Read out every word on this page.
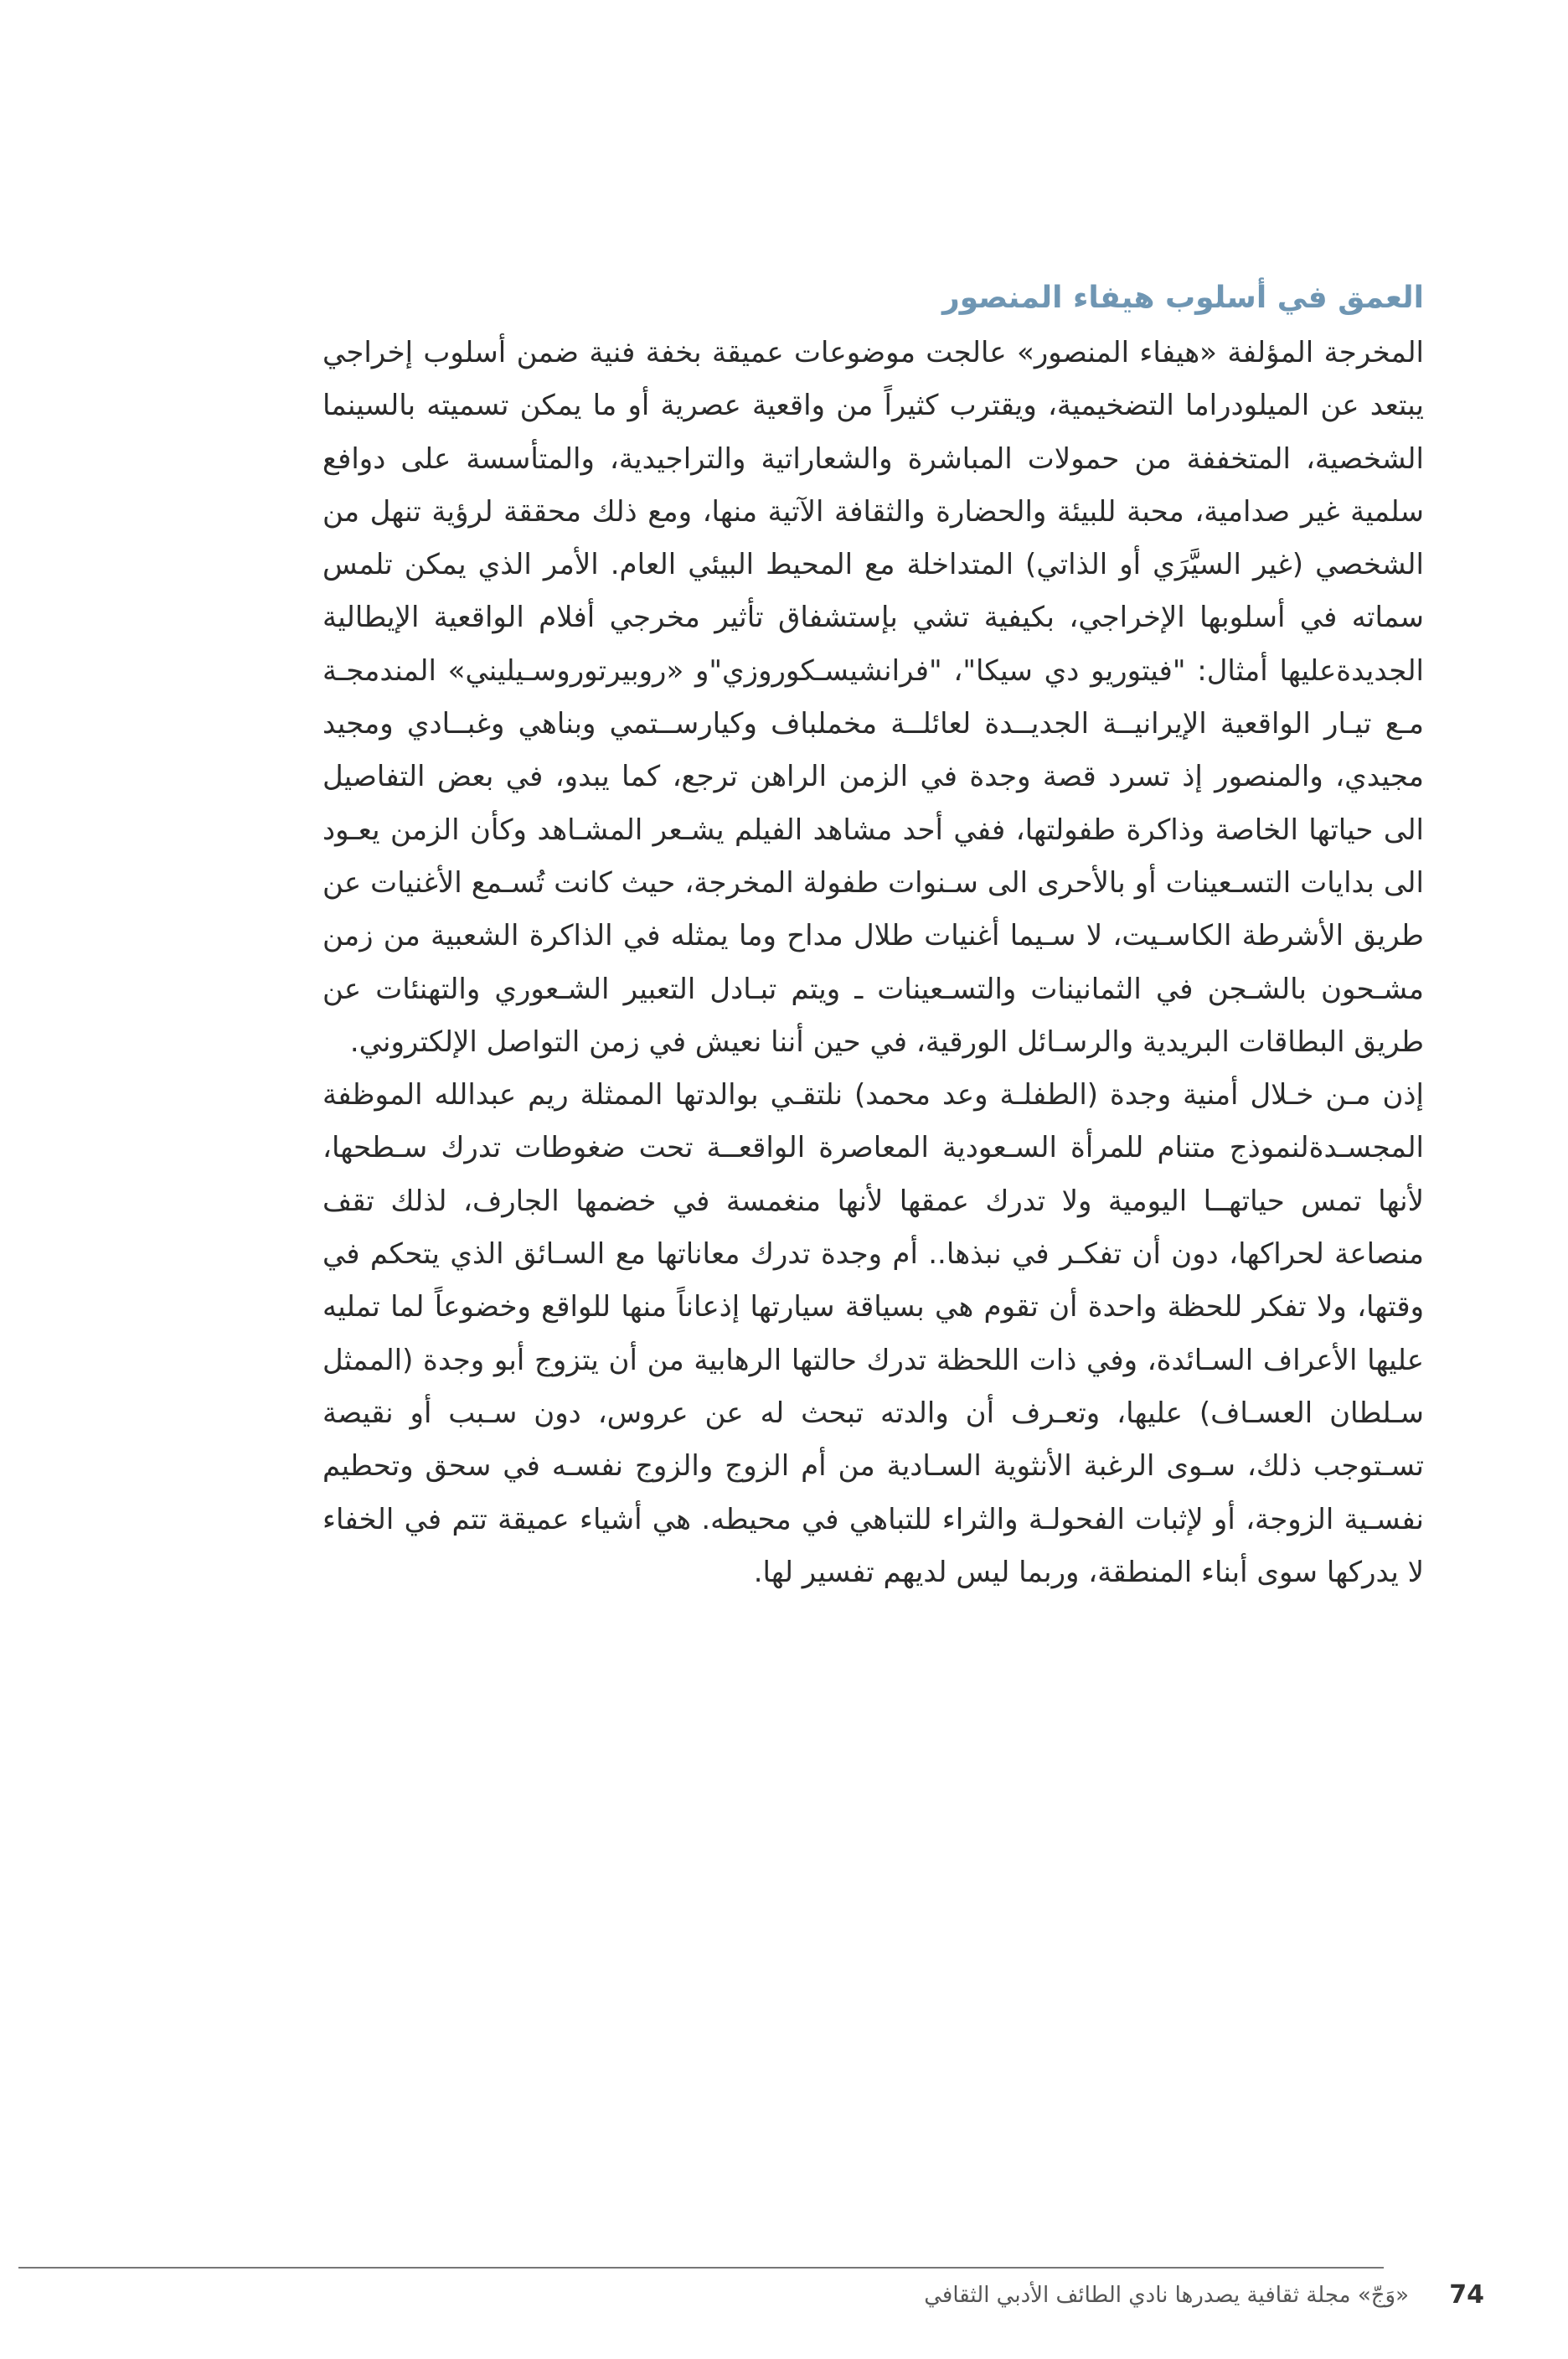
العمق في أسلوب هيفاء المنصور

المخرجة المؤلفة «هيفاء المنصور» عالجت موضوعات عميقة بخفة فنية ضمن أسلوب إخراجي يبتعد عن الميلودراما التضخيمية، ويقترب كثيراً من واقعية عصرية أو ما يمكن تسميته بالسينما الشخصية، المتخففة من حمولات المباشرة والشعاراتية والتراجيدية، والمتأسسة على دوافع سلمية غير صدامية، محبة للبيئة والحضارة والثقافة الآتية منها، ومع ذلك محققة لرؤية تنهل من الشخصي (غير السيَّرَي أو الذاتي) المتداخلة مع المحيط البيئي العام. الأمر الذي يمكن تلمس سماته في أسلوبها الإخراجي، بكيفية تشي بإستشفاق تأثير مخرجي أفلام الواقعية الإيطالية الجديدةعليها أمثال: "فيتوريو دي سيكا"، "فرانشيسـكوروزي"و «روبيرتوروسـيليني» المندمجـة مـع تيـار الواقعية الإيرانيــة الجديــدة لعائلــة مخملباف وكيارســتمي وبناهي وغبــادي ومجيد مجيدي، والمنصور إذ تسرد قصة وجدة في الزمن الراهن ترجع، كما يبدو، في بعض التفاصيل الى حياتها الخاصة وذاكرة طفولتها، ففي أحد مشاهد الفيلم يشـعر المشـاهد وكأن الزمن يعـود الى بدايات التسـعينات أو بالأحرى الى سـنوات طفولة المخرجة، حيث كانت تُسـمع الأغنيات عن طريق الأشرطة الكاسـيت، لا سـيما أغنيات طلال مداح وما يمثله في الذاكرة الشعبية من زمن مشـحون بالشـجن في الثمانينات والتسـعينات ـ ويتم تبـادل التعبير الشـعوري والتهنئات عن طريق البطاقات البريدية والرسـائل الورقية، في حين أننا نعيش في زمن التواصل الإلكتروني.

إذن مـن خـلال أمنية وجدة (الطفلـة وعد محمد) نلتقـي بوالدتها الممثلة ريم عبدالله الموظفة المجسـدةلنموذج متنام للمرأة السـعودية المعاصرة الواقعــة تحت ضغوطات تدرك سـطحها، لأنها تمس حياتهــا اليومية ولا تدرك عمقها لأنها منغمسة في خضمها الجارف، لذلك تقف منصاعة لحراكها، دون أن تفكـر في نبذها.. أم وجدة تدرك معاناتها مع السـائق الذي يتحكم في وقتها، ولا تفكر للحظة واحدة أن تقوم هي بسياقة سيارتها إذعاناً منها للواقع وخضوعاً لما تمليه عليها الأعراف السـائدة، وفي ذات اللحظة تدرك حالتها الرهابية من أن يتزوج أبو وجدة (الممثل سـلطان العسـاف) عليها، وتعـرف أن والدته تبحث له عن عروس، دون سـبب أو نقيصة تسـتوجب ذلك، سـوى الرغبة الأنثوية السـادية من أم الزوج والزوج نفسـه في سحق وتحطيم نفسـية الزوجة، أو لإثبات الفحولـة والثراء للتباهي في محيطه. هي أشياء عميقة تتم في الخفاء لا يدركها سوى أبناء المنطقة، وربما ليس لديهم تفسير لها.

«وَجّ» مجلة ثقافية يصدرها نادي الطائف الأدبي الثقافي 74
